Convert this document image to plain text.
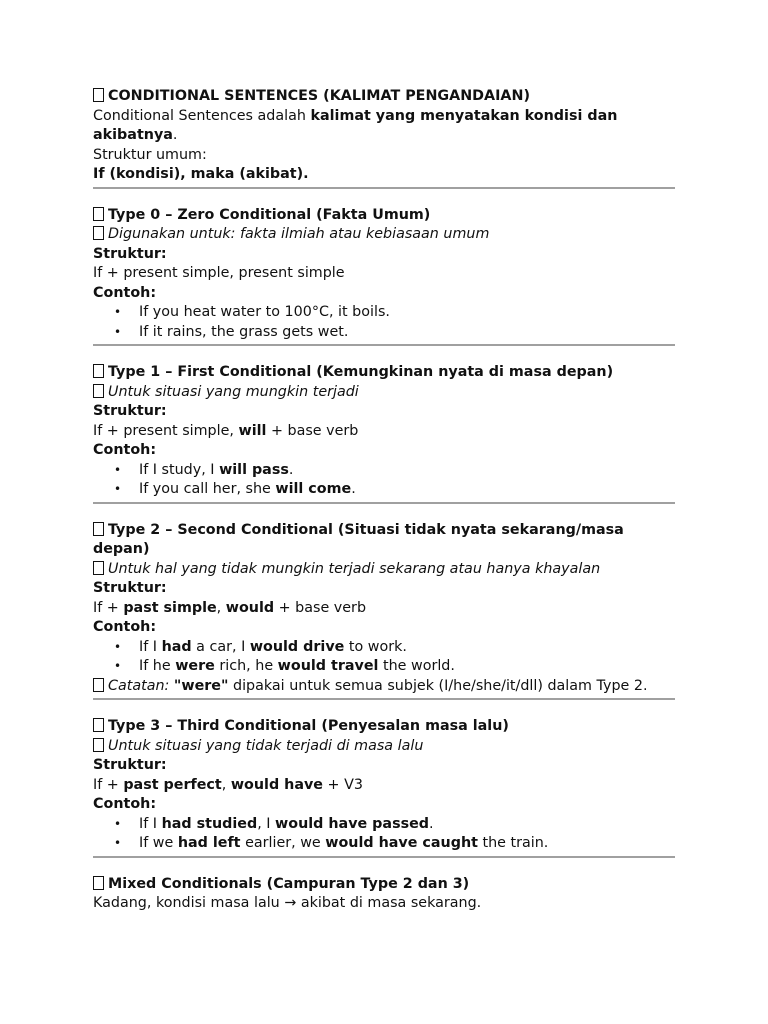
CONDITIONAL SENTENCES (KALIMAT PENGANDAIAN)

Conditional Sentences adalah kalimat yang menyatakan kondisi dan akibatnya.

Struktur umum:

If (kondisi), maka (akibat).

Type 0 – Zero Conditional (Fakta Umum)

Digunakan untuk: fakta ilmiah atau kebiasaan umum

Struktur:

If + present simple, present simple

Contoh:

• If you heat water to 100°C, it boils.
• If it rains, the grass gets wet.

Type 1 – First Conditional (Kemungkinan nyata di masa depan)

Untuk situasi yang mungkin terjadi

Struktur:

If + present simple, will + base verb

Contoh:

• If I study, I will pass.
• If you call her, she will come.

Type 2 – Second Conditional (Situasi tidak nyata sekarang/masa depan)

Untuk hal yang tidak mungkin terjadi sekarang atau hanya khayalan

Struktur:

If + past simple, would + base verb

Contoh:

• If I had a car, I would drive to work.
• If he were rich, he would travel the world.

Catatan: "were" dipakai untuk semua subjek (I/he/she/it/dll) dalam Type 2.

Type 3 – Third Conditional (Penyesalan masa lalu)

Untuk situasi yang tidak terjadi di masa lalu

Struktur:

If + past perfect, would have + V3

Contoh:

• If I had studied, I would have passed.
• If we had left earlier, we would have caught the train.

Mixed Conditionals (Campuran Type 2 dan 3)

Kadang, kondisi masa lalu → akibat di masa sekarang.
